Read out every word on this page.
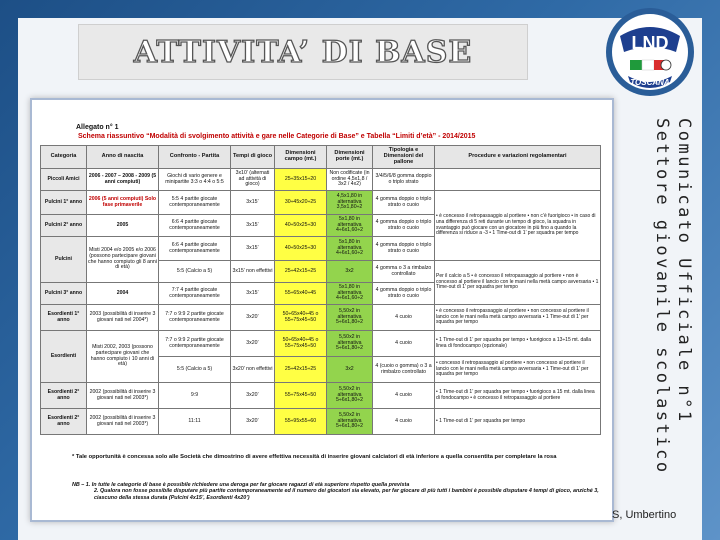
ATTIVITA’ DI BASE	LND
TOSCANA
Allegato n° 1
Schema riassuntivo “Modalità di svolgimento attività e gare nelle Categorie di Base” e Tabella “Limiti d’età” - 2014/2015
Categoria	Anno di nascita	Confronto - Partita	Tempi di gioco	Dimensioni campo (mt.)	Dimensioni porte (mt.)	Tipologia e Dimensioni del pallone	Procedure e variazioni regolamentari
Piccoli Amici	2006 - 2007 – 2008 - 2009 (5 anni compiuti)	Giochi di vario genere e minipartite 3:3 o 4:4 o 5:5	3x10’ (alternati ad attività di gioco)	25÷35x15÷20	Non codificate (in ordine 4,5x1,8 / 3x2 / 4x2)	3/4/5/6/8 gomma doppio o triplo strato	
Pulcini 1° anno	2006 (5 anni compiuti) Solo fase primaverile	5:5 4 partite giocate contemporaneamente	3x15’	30÷45x20÷25	4,5x1,80 in alternativa 3,5x1,80÷2	4 gomma doppio o triplo strato o cuoio	• è concesso il retropassaggio al portiere • non c’è fuorigioco • in caso di una differenza di 5 reti durante un tempo di gioco, la squadra in svantaggio può giocare con un giocatore in più fino a quando la differenza si riduce a -3 • 1 Time-out di 1’ per squadra per tempo
Pulcini 2° anno	2005	6:6 4 partite giocate contemporaneamente	3x15’	40÷50x25÷30	5x1,80 in alternativa 4÷6x1,60÷2	4 gomma doppio o triplo strato o cuoio	
Pulcini	Misti 2004 e/o 2005 e/o 2006 (possono partecipare giovani che hanno compiuto gli 8 anni di età)	6:6 4 partite giocate contemporaneamente	3x15’	40÷50x25÷30	5x1,80 in alternativa 4÷6x1,60÷2	4 gomma doppio o triplo strato o cuoio	
		5:5 (Calcio a 5)	3x15’ non effettivi	25÷42x15÷25	3x2	4 gomma o 3 a rimbalzo controllato	Per il calcio a 5 • è concesso il retropassaggio al portiere • non è concesso al portiere il lancio con le mani nella metà campo avversaria • 1 Time-out di 1’ per squadra per tempo
Pulcini 3° anno	2004	7:7 4 partite giocate contemporaneamente	3x15’	55÷65x40÷45	5x1,80 in alternativa 4÷6x1,60÷2	4 gomma doppio o triplo strato o cuoio	
Esordienti 1° anno	2003 (possibilità di inserire 3 giovani nati nel 2004*)	7:7 o 9:9 2 partite giocate contemporaneamente	3x20’	50÷65x40÷45 o 55÷75x45÷50	5,50x2 in alternativa 5÷6x1,80÷2	4 cuoio	• è concesso il retropassaggio al portiere • non concesso al portiere il lancio con le mani nella metà campo avversaria • 1 Time-out di 1’ per squadra per tempo
Esordienti	Misti 2002, 2003 (possono partecipare giovani che hanno compiuto i 10 anni di età)	7:7 o 9:9 2 partite giocate contemporaneamente	3x20’	50÷65x40÷45 o 55÷75x45÷50	5,50x2 in alternativa 5÷6x1,80÷2	4 cuoio	• 1 Time-out di 1’ per squadra per tempo • fuorigioco a 13÷15 mt. dalla linea di fondocampo (opzionale)
		5:5 (Calcio a 5)	3x20’ non effettivi	25÷42x15÷25	3x2	4 (cuoio o gomma) o 3 a rimbalzo controllato	• concesso il retropassaggio al portiere • non concesso al portiere il lancio con le mani nella metà campo avversaria • 1 Time-out di 1’ per squadra per tempo
Esordienti 2° anno	2002 (possibilità di inserire 3 giovani nati nel 2003*)	9:9	3x20’	55÷75x45÷50	5,50x2 in alternativa 5÷6x1,80÷2	4 cuoio	• 1 Time-out di 1’ per squadra per tempo • fuorigioco a 15 mt. dalla linea di fondocampo • è concesso il retropassaggio al portiere
Esordienti 2° anno	2002 (possibilità di inserire 3 giovani nati nel 2003*)	11:11	3x20’	55÷95x55÷60	5,50x2 in alternativa 5÷6x1,80÷2	4 cuoio	• 1 Time-out di 1’ per squadra per tempo
* Tale opportunità è concessa solo alle Società che dimostrino di avere effettiva necessità di inserire giovani calciatori di età inferiore a quella consentita per completare la rosa
NB – 1. In tutte le categorie di base è possibile richiedere una deroga per far giocare ragazzi di età superiore rispetto quella prevista
2. Qualora non fosse possibile disputare più partite contemporaneamente ed il numero dei giocatori sia elevato, per far giocare di più tutti i bambini è possibile disputare 4 tempi di gioco, anziché 3, ciascuno della stessa durata (Pulcini 4x15’, Esordienti 4x20’)
Comunicato Ufficiale n°1
Settore giovanile scolastico
S, Umbertino
